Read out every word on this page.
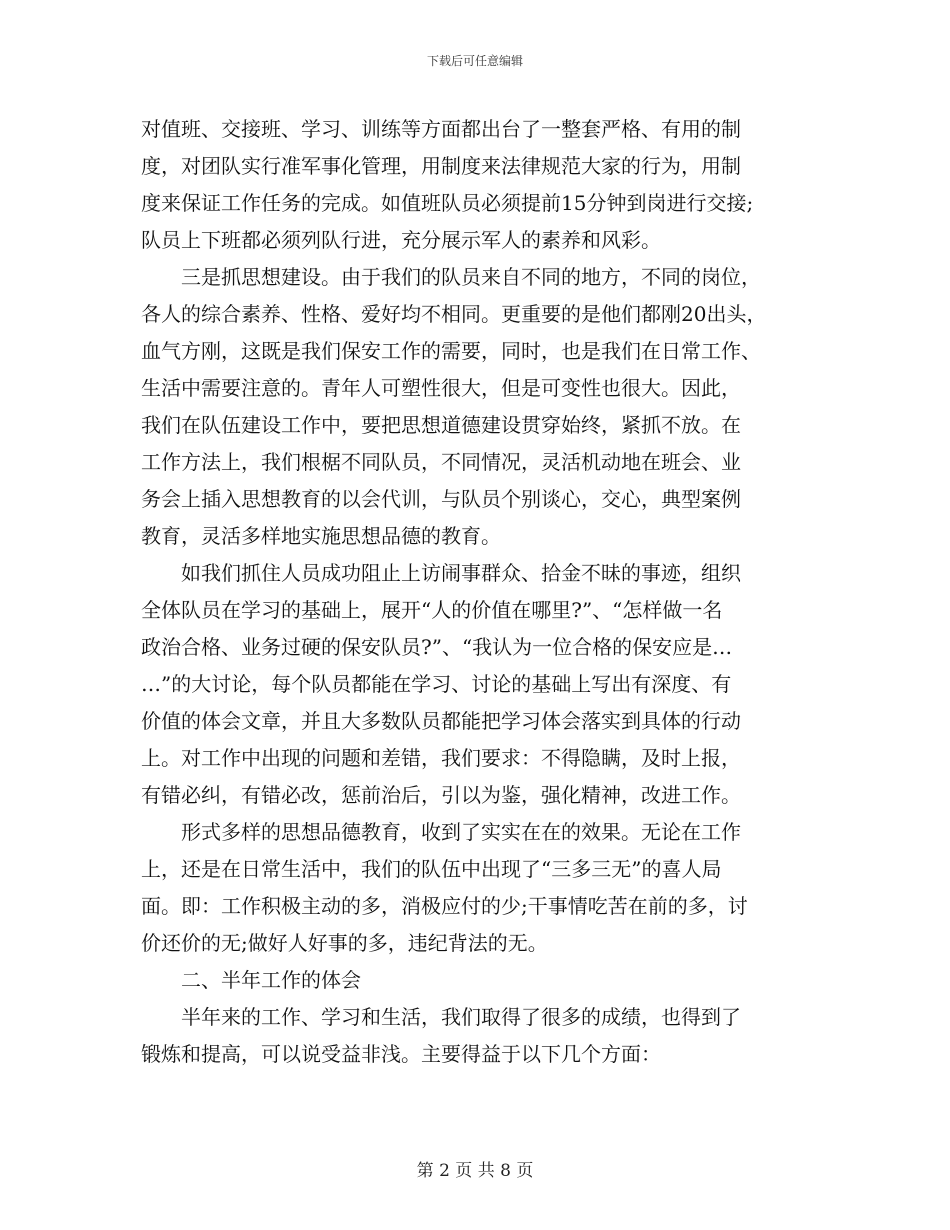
下载后可任意编辑
对值班、交接班、学习、训练等方面都出台了一整套严格、有用的制
度，对团队实行准军事化管理，用制度来法律规范大家的行为，用制
度来保证工作任务的完成。如值班队员必须提前15分钟到岗进行交接;
队员上下班都必须列队行进，充分展示军人的素养和风彩。
　　三是抓思想建设。由于我们的队员来自不同的地方，不同的岗位，
各人的综合素养、性格、爱好均不相同。更重要的是他们都刚20出头，
血气方刚，这既是我们保安工作的需要，同时，也是我们在日常工作、
生活中需要注意的。青年人可塑性很大，但是可变性也很大。因此，
我们在队伍建设工作中，要把思想道德建设贯穿始终，紧抓不放。在
工作方法上，我们根椐不同队员，不同情况，灵活机动地在班会、业
务会上插入思想教育的以会代训，与队员个别谈心，交心，典型案例
教育，灵活多样地实施思想品德的教育。
　　如我们抓住人员成功阻止上访闹事群众、拾金不昧的事迹，组织
全体队员在学习的基础上，展开“人的价值在哪里?”、“怎样做一名
政治合格、业务过硬的保安队员?”、“我认为一位合格的保安应是…
…”的大讨论，每个队员都能在学习、讨论的基础上写出有深度、有
价值的体会文章，并且大多数队员都能把学习体会落实到具体的行动
上。对工作中出现的问题和差错，我们要求：不得隐瞒，及时上报，
有错必纠，有错必改，惩前治后，引以为鉴，强化精神，改进工作。
　　形式多样的思想品德教育，收到了实实在在的效果。无论在工作
上，还是在日常生活中，我们的队伍中出现了“三多三无”的喜人局
面。即：工作积极主动的多，消极应付的少;干事情吃苦在前的多，讨
价还价的无;做好人好事的多，违纪背法的无。
　　二、半年工作的体会
　　半年来的工作、学习和生活，我们取得了很多的成绩，也得到了
锻炼和提高，可以说受益非浅。主要得益于以下几个方面：
第 2 页 共 8 页
